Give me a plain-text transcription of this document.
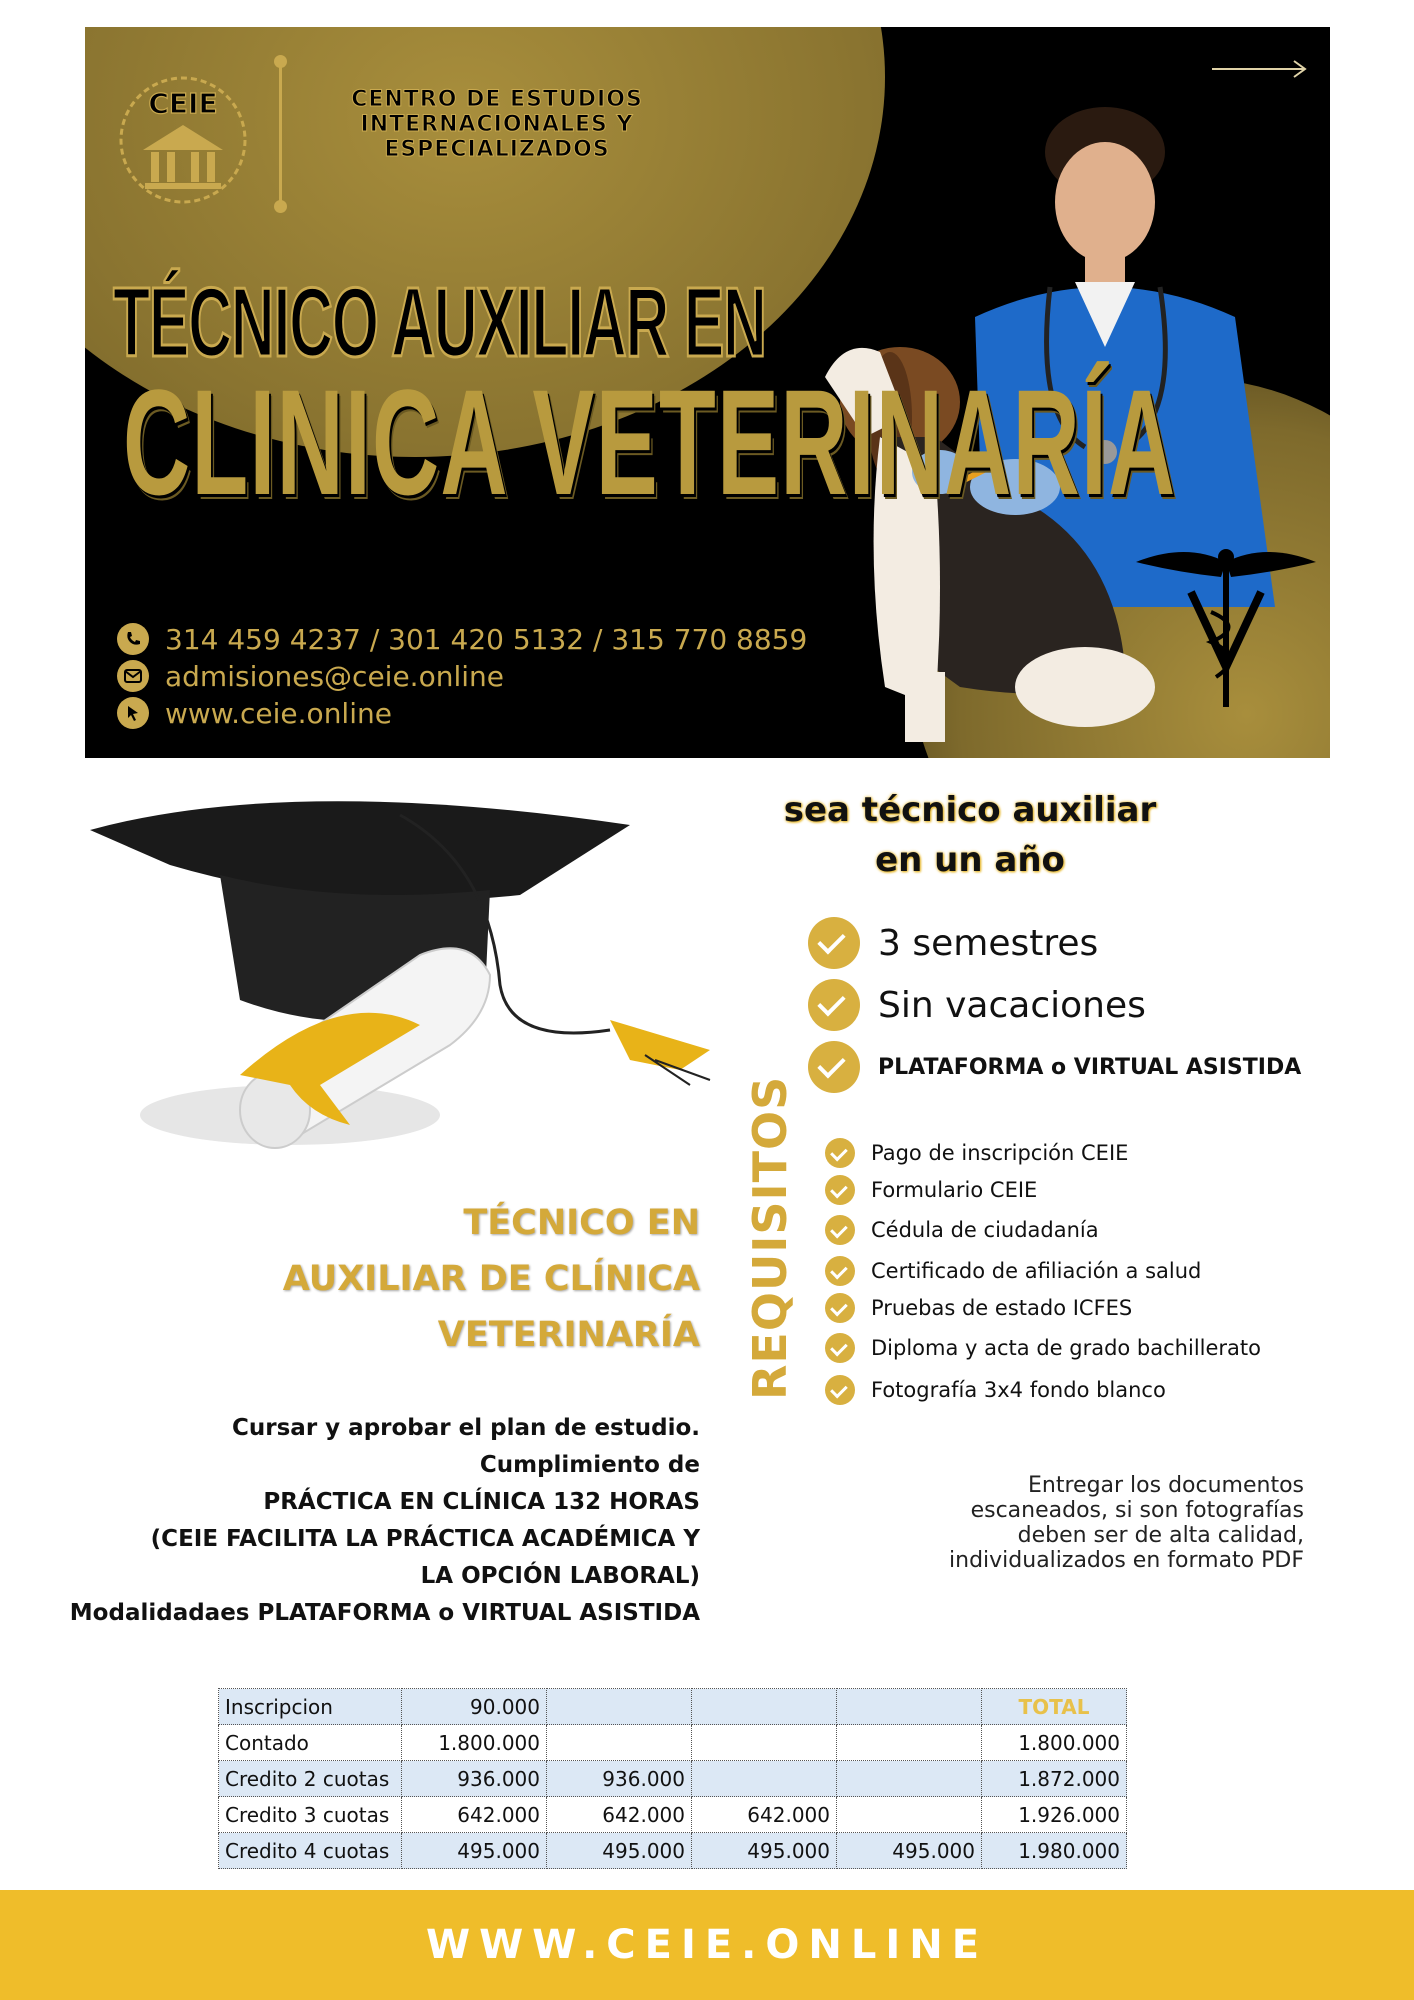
CEIE	CENTRO DE ESTUDIOS
INTERNACIONALES Y
ESPECIALIZADOS
TÉCNICO AUXILIAR EN
CLINICA VETERINARÍA
314 459 4237 / 301 420 5132 / 315 770 8859
admisiones@ceie.online
www.ceie.online
sea técnico auxiliar
en un año
3 semestres
Sin vacaciones
PLATAFORMA o VIRTUAL ASISTIDA
REQUISITOS	Pago de inscripción CEIE
Formulario CEIE
Cédula de ciudadanía
Certificado de afiliación a salud
Pruebas de estado ICFES
Diploma y acta de grado bachillerato
Fotografía 3x4 fondo blanco
TÉCNICO EN
AUXILIAR DE CLÍNICA
VETERINARÍA
Cursar y aprobar el plan de estudio.
Cumplimiento de
PRÁCTICA EN CLÍNICA 132 HORAS
(CEIE FACILITA LA PRÁCTICA ACADÉMICA Y
LA OPCIÓN LABORAL)
Modalidadaes PLATAFORMA o VIRTUAL ASISTIDA
Entregar los documentos
escaneados, si son fotografías
deben ser de alta calidad,
individualizados en formato PDF
Inscripcion	90.000				TOTAL
Contado	1.800.000				1.800.000
Credito 2 cuotas	936.000	936.000			1.872.000
Credito 3 cuotas	642.000	642.000	642.000		1.926.000
Credito 4 cuotas	495.000	495.000	495.000	495.000	1.980.000
WWW.CEIE.ONLINE
